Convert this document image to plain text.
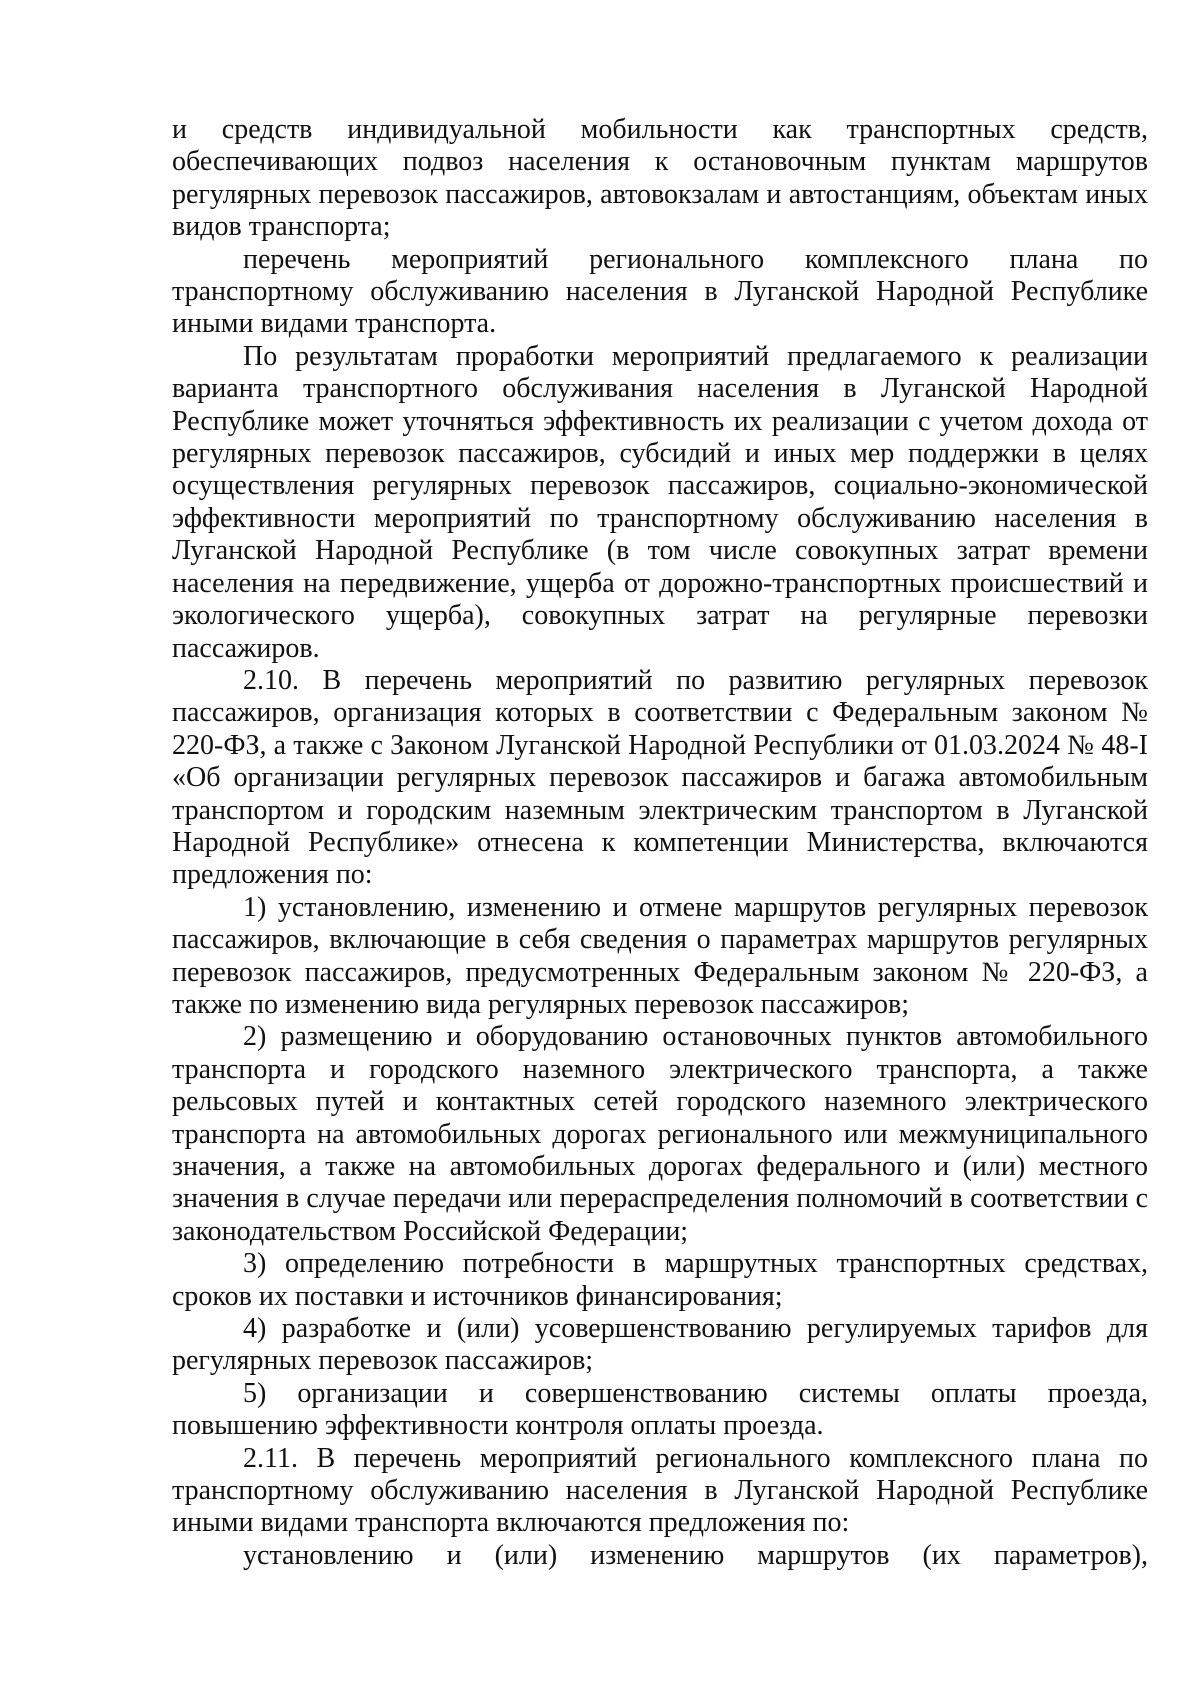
и средств индивидуальной мобильности как транспортных средств, обеспечивающих подвоз населения к остановочным пунктам маршрутов регулярных перевозок пассажиров, автовокзалам и автостанциям, объектам иных видов транспорта;

перечень мероприятий регионального комплексного плана по транспортному обслуживанию населения в Луганской Народной Республике иными видами транспорта.

По результатам проработки мероприятий предлагаемого к реализации варианта транспортного обслуживания населения в Луганской Народной Республике может уточняться эффективность их реализации с учетом дохода от регулярных перевозок пассажиров, субсидий и иных мер поддержки в целях осуществления регулярных перевозок пассажиров, социально-экономической эффективности мероприятий по транспортному обслуживанию населения в Луганской Народной Республике (в том числе совокупных затрат времени населения на передвижение, ущерба от дорожно-транспортных происшествий и экологического ущерба), совокупных затрат на регулярные перевозки пассажиров.

2.10. В перечень мероприятий по развитию регулярных перевозок пассажиров, организация которых в соответствии с Федеральным законом № 220-ФЗ, а также с Законом Луганской Народной Республики от 01.03.2024 № 48-I «Об организации регулярных перевозок пассажиров и багажа автомобильным транспортом и городским наземным электрическим транспортом в Луганской Народной Республике» отнесена к компетенции Министерства, включаются предложения по:

1) установлению, изменению и отмене маршрутов регулярных перевозок пассажиров, включающие в себя сведения о параметрах маршрутов регулярных перевозок пассажиров, предусмотренных Федеральным законом № 220-ФЗ, а также по изменению вида регулярных перевозок пассажиров;

2) размещению и оборудованию остановочных пунктов автомобильного транспорта и городского наземного электрического транспорта, а также рельсовых путей и контактных сетей городского наземного электрического транспорта на автомобильных дорогах регионального или межмуниципального значения, а также на автомобильных дорогах федерального и (или) местного значения в случае передачи или перераспределения полномочий в соответствии с законодательством Российской Федерации;

3) определению потребности в маршрутных транспортных средствах, сроков их поставки и источников финансирования;

4) разработке и (или) усовершенствованию регулируемых тарифов для регулярных перевозок пассажиров;

5) организации и совершенствованию системы оплаты проезда, повышению эффективности контроля оплаты проезда.

2.11. В перечень мероприятий регионального комплексного плана по транспортному обслуживанию населения в Луганской Народной Республике иными видами транспорта включаются предложения по:

установлению и (или) изменению маршрутов (их параметров),
